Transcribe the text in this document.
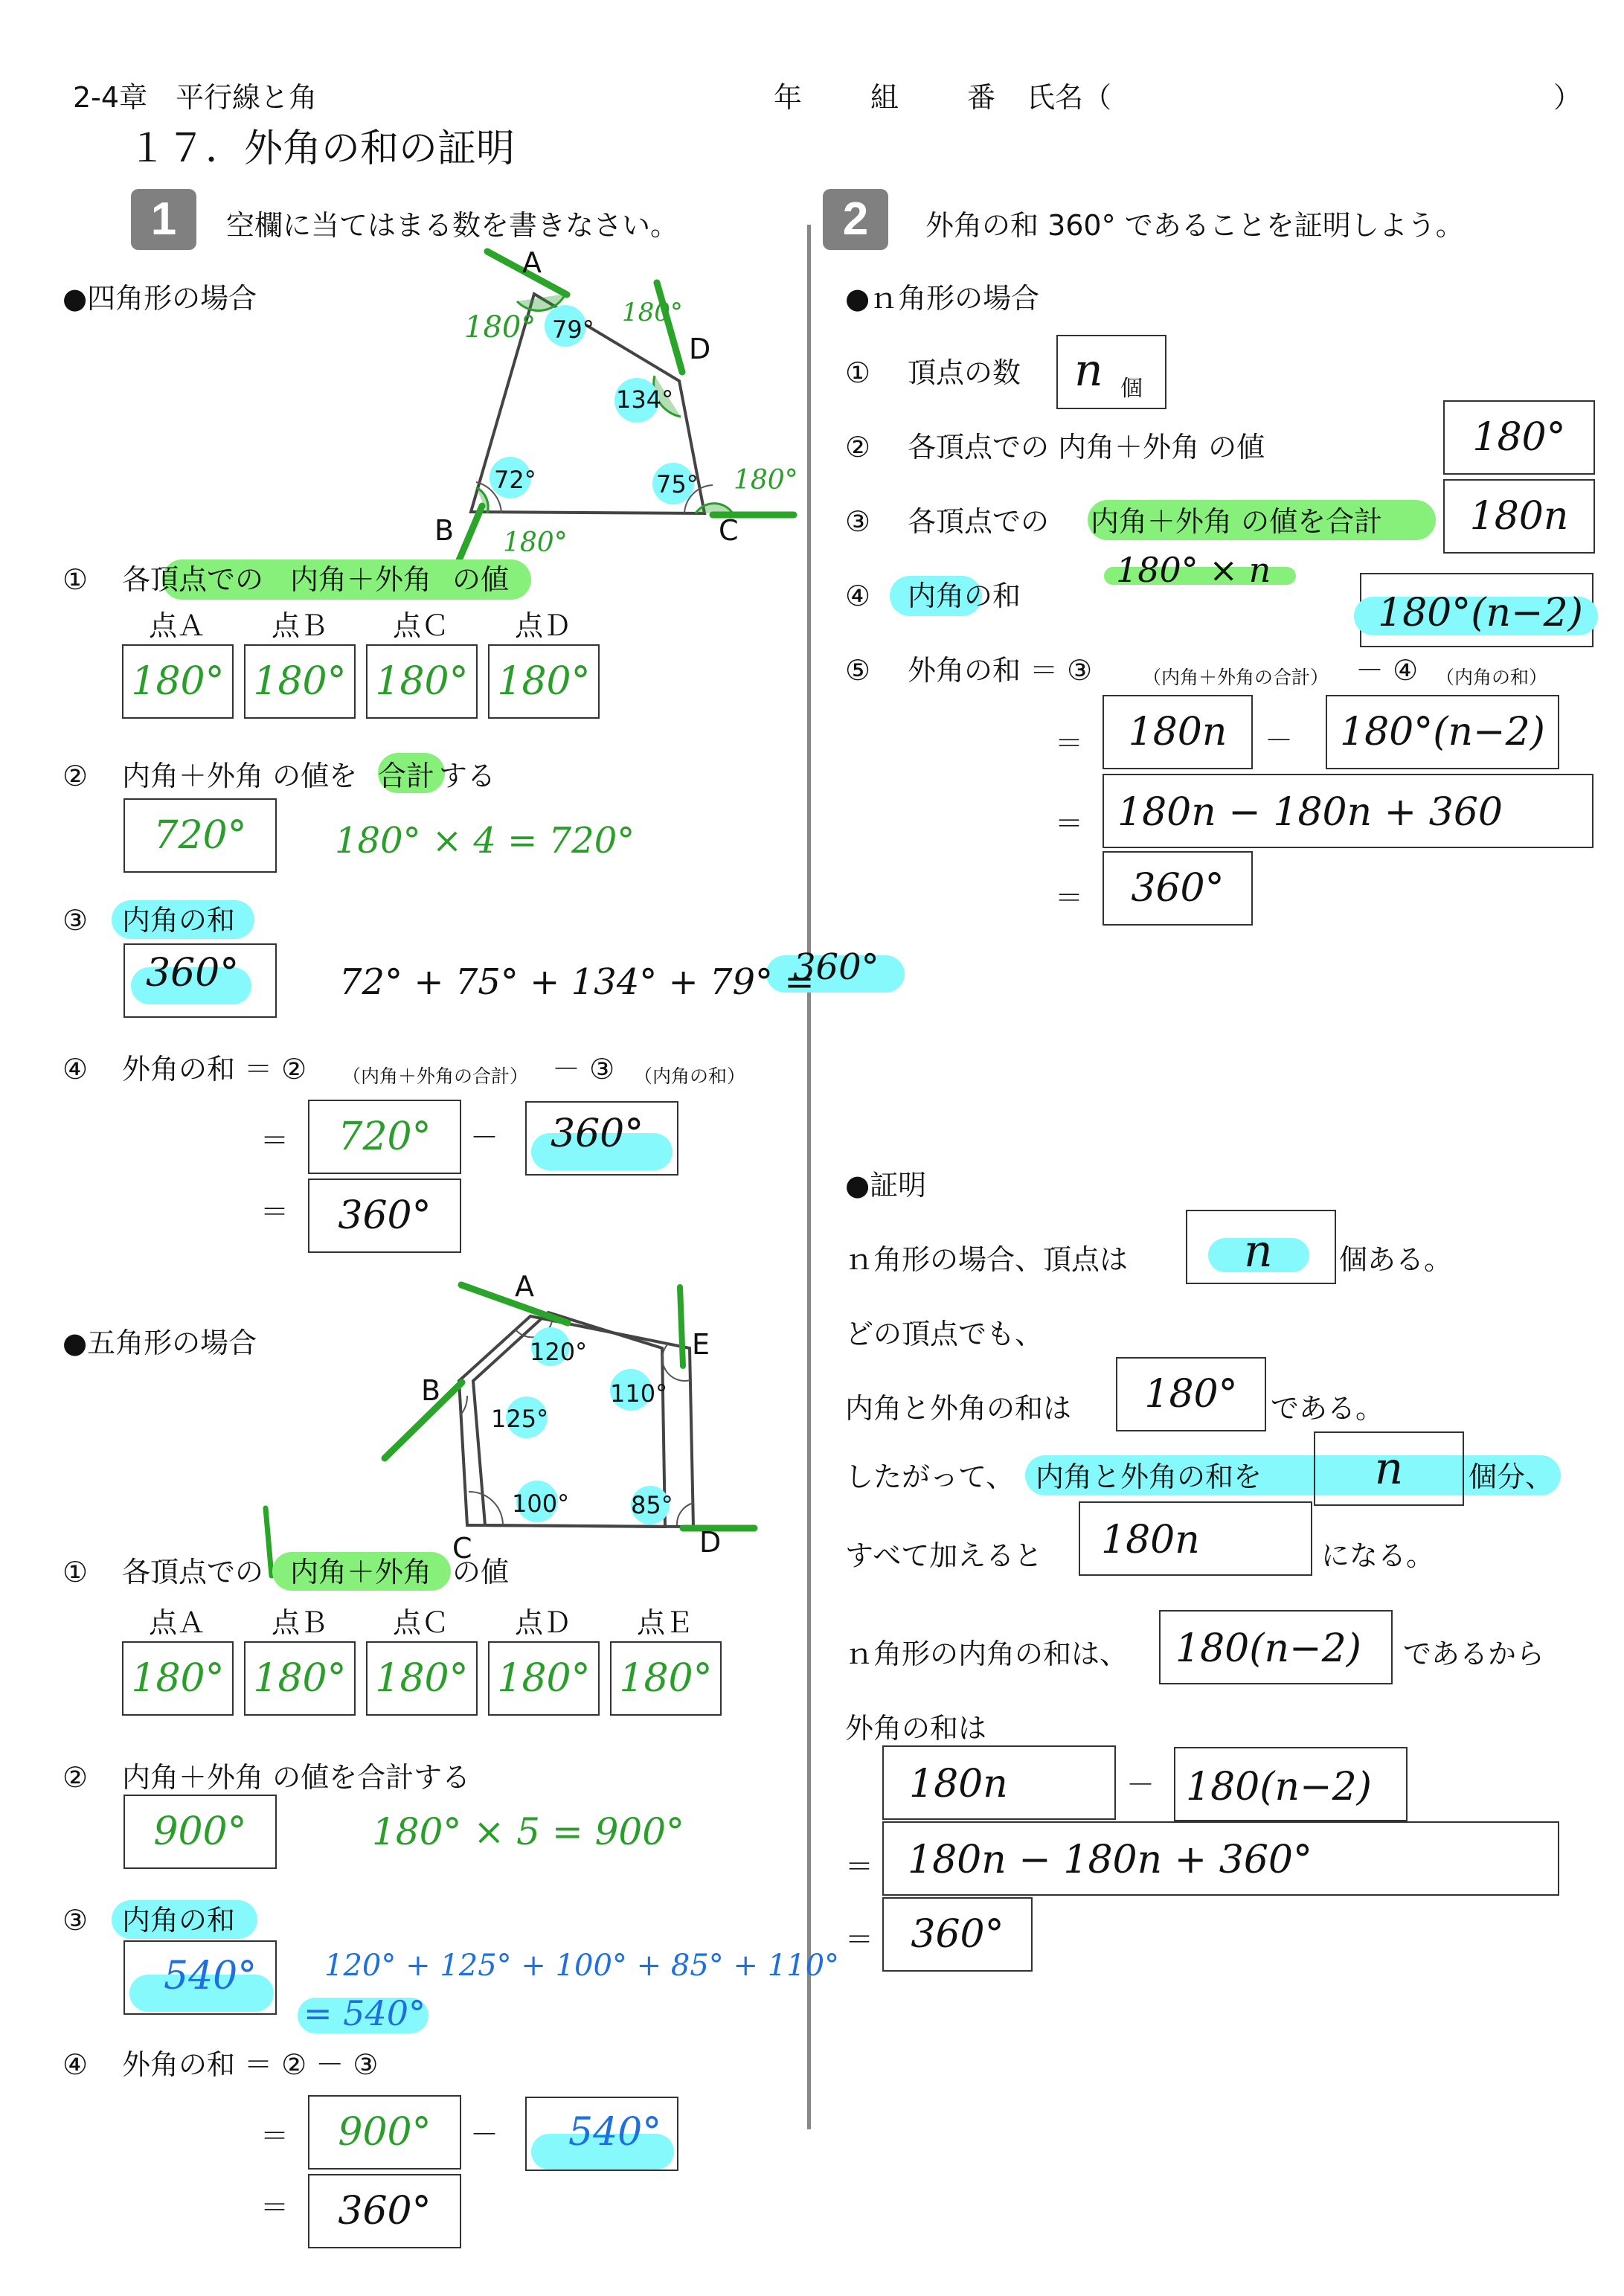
2-4章　平行線と角	年 組 番 氏名（	）
１７．外角の和の証明
1	空欄に当てはまる数を書きなさい。
●四角形の場合
79°
134°
72°	75°
A
B	C
D
180°	180°
180°
180°
① 各頂点での 内角＋外角 の値
点Ａ 点Ｂ 点Ｃ 点Ｄ
180° 180° 180° 180°
② 内角＋外角 の値を 合計 する
720° 180° × 4 = 720°
③ 内角の和
360°	72° + 75° + 134° + 79° =
360°
④ 外角の和 ＝ ② （内角＋外角の合計） － ③ （内角の和）
＝ 720° － 360°
＝ 360°
●五角形の場合	120°
125°
100°	85°
110°
A
B
C	D
E
① 各頂点での 内角＋外角 の値
点Ａ 点Ｂ 点Ｃ 点Ｄ 点Ｅ
180° 180° 180° 180° 180°
② 内角＋外角 の値を合計する
900°	180° × 5 = 900°
③ 内角の和
540° 120° + 125° + 100° + 85° + 110°
= 540°
④ 外角の和 ＝ ② － ③
＝ 900° － 540°
＝ 360°
2	外角の和 360° であることを証明しよう。
●ｎ角形の場合
① 頂点の数 n 個
② 各頂点での 内角＋外角 の値	180°
③ 各頂点での 内角＋外角 の値を合計 180n
180° × n
④ 内角の和	180°(n−2)
⑤ 外角の和 ＝ ③	（内角＋外角の合計） － ④ （内角の和）
＝ 180n － 180°(n−2)
＝ 180n − 180n + 360
＝ 360°
●証明
ｎ角形の場合、頂点は	n 個ある。
どの頂点でも、
内角と外角の和は 180° である。
したがって、 内角と外角の和を	n 個分、
すべて加えると 180n	になる。
ｎ角形の内角の和は、 180(n−2) であるから
外角の和は
180n	－ 180(n−2)
＝ 180n − 180n + 360°
＝ 360°
